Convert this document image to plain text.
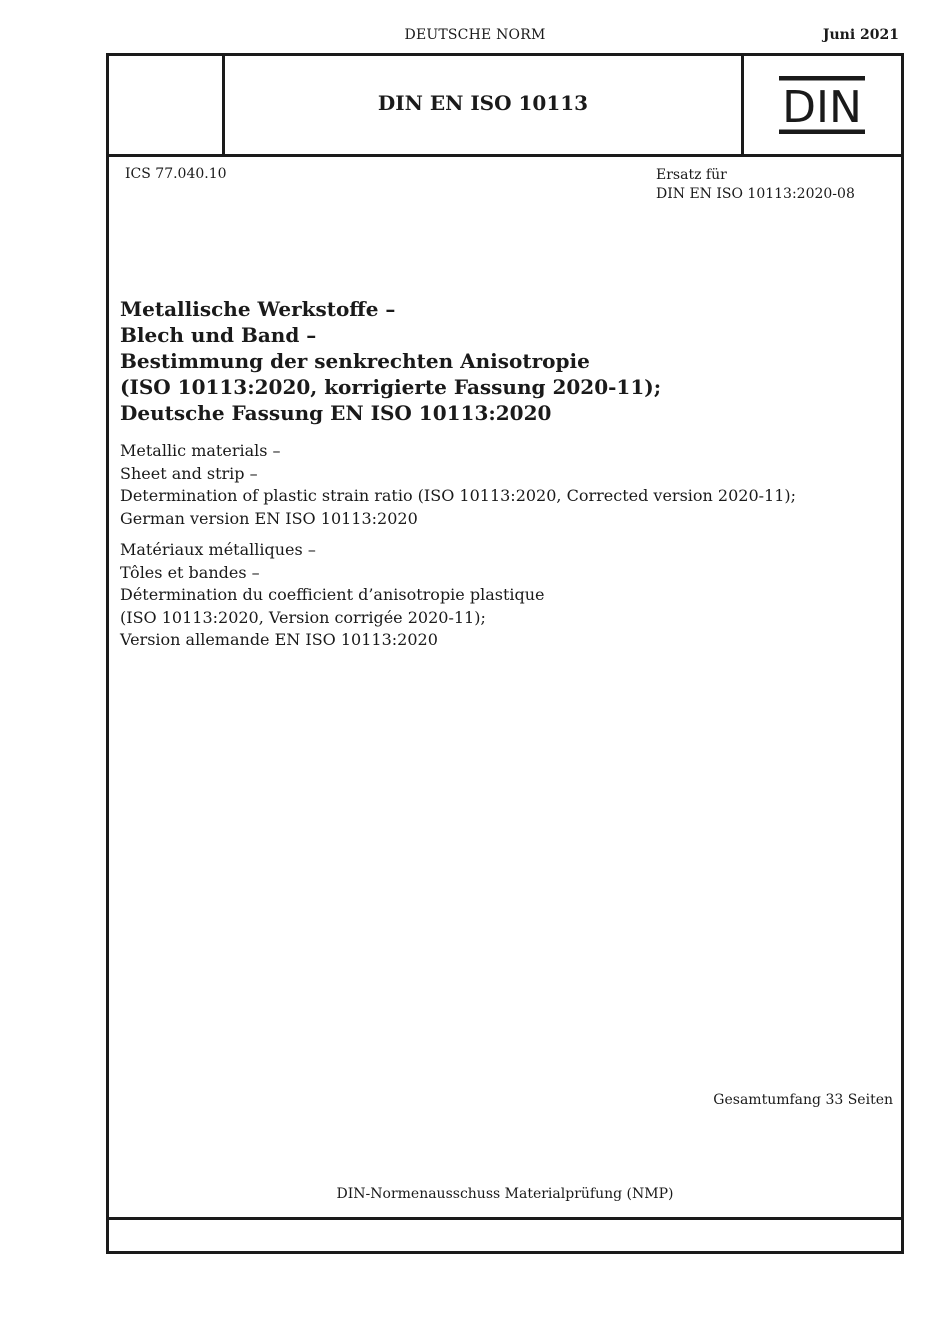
DEUTSCHE NORM	Juni 2021
DIN EN ISO 10113	DIN
ICS 77.040.10	Ersatz für
DIN EN ISO 10113:2020-08
Metallische Werkstoffe –
Blech und Band –
Bestimmung der senkrechten Anisotropie
(ISO 10113:2020, korrigierte Fassung 2020-11);
Deutsche Fassung EN ISO 10113:2020
Metallic materials –
Sheet and strip –
Determination of plastic strain ratio (ISO 10113:2020, Corrected version 2020-11);
German version EN ISO 10113:2020
Matériaux métalliques –
Tôles et bandes –
Détermination du coefficient d’anisotropie plastique
(ISO 10113:2020, Version corrigée 2020-11);
Version allemande EN ISO 10113:2020
Gesamtumfang 33 Seiten
DIN-Normenausschuss Materialprüfung (NMP)
